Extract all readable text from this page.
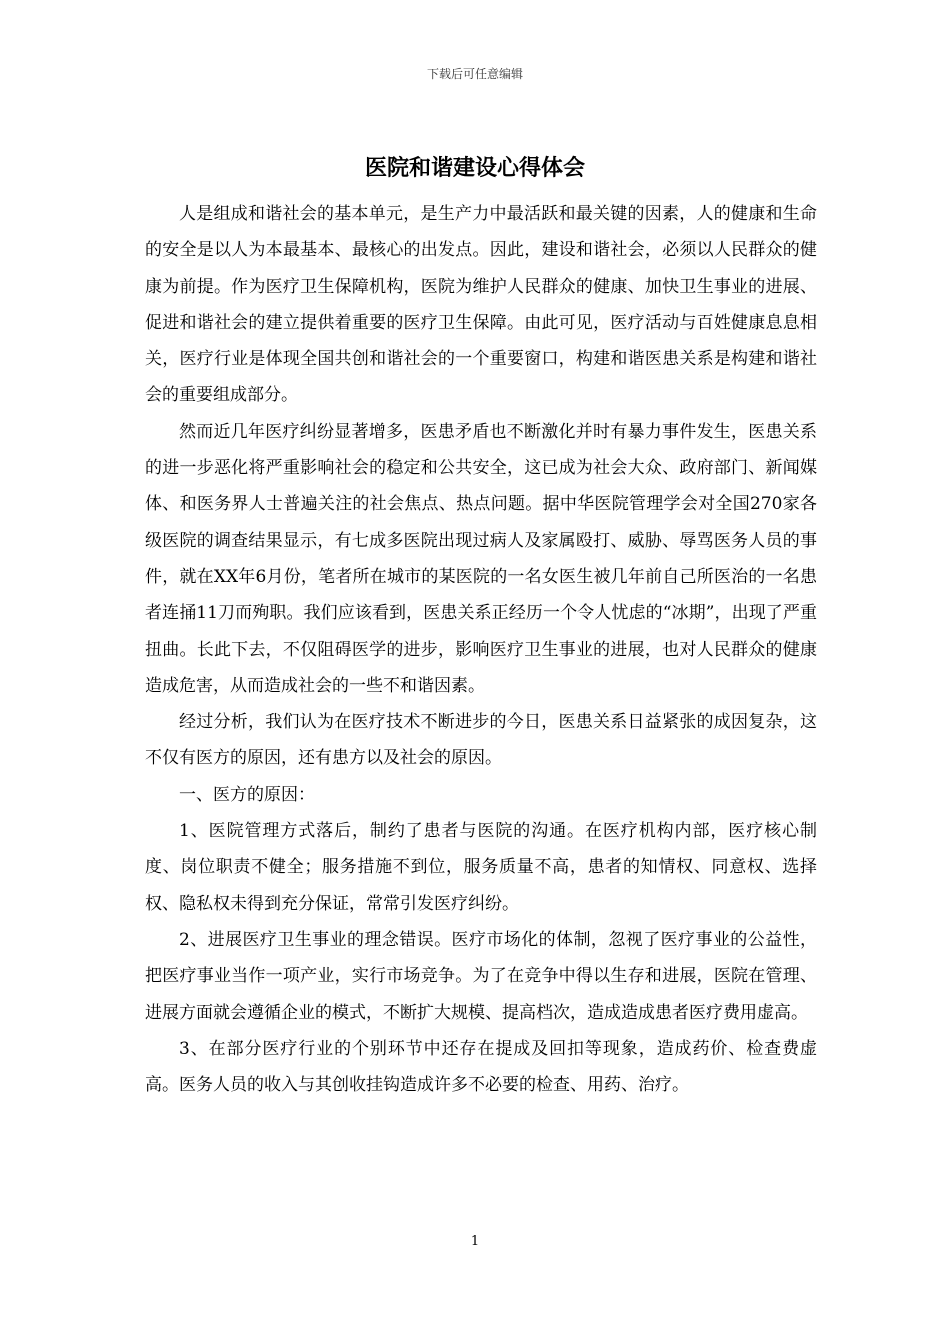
下载后可任意编辑
医院和谐建设心得体会

人是组成和谐社会的基本单元，是生产力中最活跃和最关键的因素，人的健康和生命的安全是以人为本最基本、最核心的出发点。因此，建设和谐社会，必须以人民群众的健康为前提。作为医疗卫生保障机构，医院为维护人民群众的健康、加快卫生事业的进展、促进和谐社会的建立提供着重要的医疗卫生保障。由此可见，医疗活动与百姓健康息息相关，医疗行业是体现全国共创和谐社会的一个重要窗口，构建和谐医患关系是构建和谐社会的重要组成部分。

然而近几年医疗纠纷显著增多，医患矛盾也不断激化并时有暴力事件发生，医患关系的进一步恶化将严重影响社会的稳定和公共安全，这已成为社会大众、政府部门、新闻媒体、和医务界人士普遍关注的社会焦点、热点问题。据中华医院管理学会对全国270家各级医院的调查结果显示，有七成多医院出现过病人及家属殴打、威胁、辱骂医务人员的事件，就在XX年6月份，笔者所在城市的某医院的一名女医生被几年前自己所医治的一名患者连捅11刀而殉职。我们应该看到，医患关系正经历一个令人忧虑的“冰期”，出现了严重扭曲。长此下去，不仅阻碍医学的进步，影响医疗卫生事业的进展，也对人民群众的健康造成危害，从而造成社会的一些不和谐因素。

经过分析，我们认为在医疗技术不断进步的今日，医患关系日益紧张的成因复杂，这不仅有医方的原因，还有患方以及社会的原因。

一、医方的原因：

1、医院管理方式落后，制约了患者与医院的沟通。在医疗机构内部，医疗核心制度、岗位职责不健全；服务措施不到位，服务质量不高，患者的知情权、同意权、选择权、隐私权未得到充分保证，常常引发医疗纠纷。

2、进展医疗卫生事业的理念错误。医疗市场化的体制，忽视了医疗事业的公益性，把医疗事业当作一项产业，实行市场竞争。为了在竞争中得以生存和进展，医院在管理、进展方面就会遵循企业的模式，不断扩大规模、提高档次，造成造成患者医疗费用虚高。

3、在部分医疗行业的个别环节中还存在提成及回扣等现象，造成药价、检查费虚高。医务人员的收入与其创收挂钩造成许多不必要的检查、用药、治疗。

1
